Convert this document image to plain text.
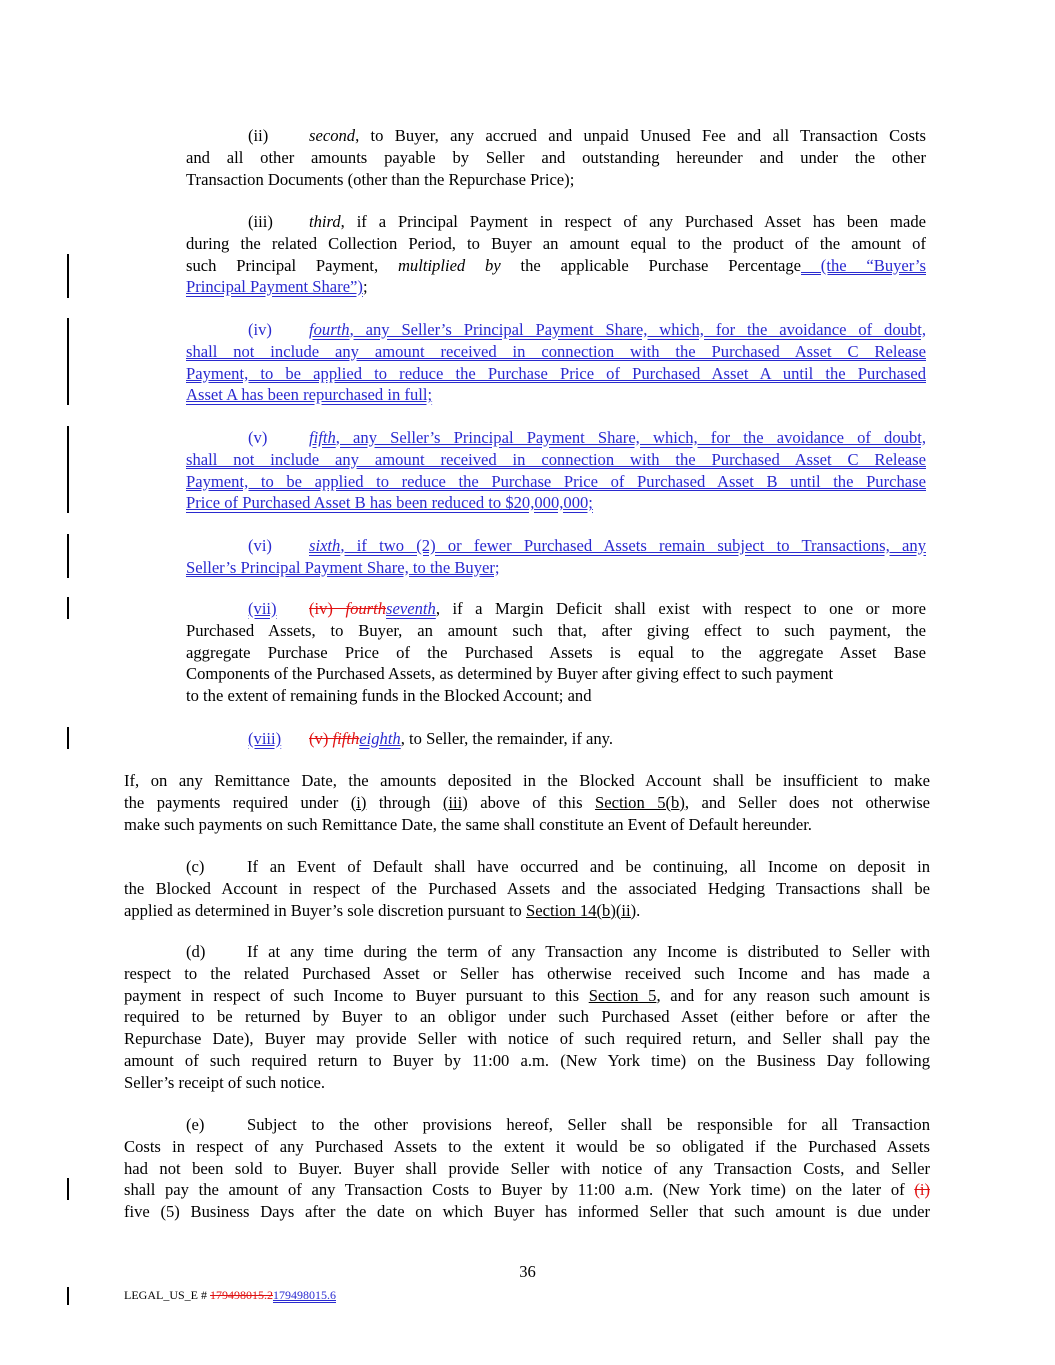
(ii) second, to Buyer, any accrued and unpaid Unused Fee and all Transaction Costs
and all other amounts payable by Seller and outstanding hereunder and under the other
Transaction Documents (other than the Repurchase Price);
(iii) third, if a Principal Payment in respect of any Purchased Asset has been made
during the related Collection Period, to Buyer an amount equal to the product of the amount of
such Principal Payment, multiplied by the applicable Purchase Percentage (the “Buyer’s
Principal Payment Share”);
(iv) fourth, any Seller’s Principal Payment Share, which, for the avoidance of doubt,
shall not include any amount received in connection with the Purchased Asset C Release
Payment, to be applied to reduce the Purchase Price of Purchased Asset A until the Purchased
Asset A has been repurchased in full;
(v)	fifth, any Seller’s Principal Payment Share, which, for the avoidance of doubt,
shall not include any amount received in connection with the Purchased Asset C Release
Payment, to be applied to reduce the Purchase Price of Purchased Asset B until the Purchase
Price of Purchased Asset B has been reduced to $20,000,000;
(vi) sixth, if two (2) or fewer Purchased Assets remain subject to Transactions, any
Seller’s Principal Payment Share, to the Buyer;
(vii) (iv) fourthseventh, if a Margin Deficit shall exist with respect to one or more
Purchased Assets, to Buyer, an amount such that, after giving effect to such payment, the
aggregate Purchase Price of the Purchased Assets is equal to the aggregate Asset Base
Components of the Purchased Assets, as determined by Buyer after giving effect to such payment
to the extent of remaining funds in the Blocked Account; and
(viii) (v) fiftheighth, to Seller, the remainder, if any.
If, on any Remittance Date, the amounts deposited in the Blocked Account shall be insufficient to make
the payments required under (i) through (iii) above of this Section 5(b), and Seller does not otherwise
make such payments on such Remittance Date, the same shall constitute an Event of Default hereunder.
(c)	If an Event of Default shall have occurred and be continuing, all Income on deposit in
the Blocked Account in respect of the Purchased Assets and the associated Hedging Transactions shall be
applied as determined in Buyer’s sole discretion pursuant to Section 14(b)(ii).
(d)	If at any time during the term of any Transaction any Income is distributed to Seller with
respect to the related Purchased Asset or Seller has otherwise received such Income and has made a
payment in respect of such Income to Buyer pursuant to this Section 5, and for any reason such amount is
required to be returned by Buyer to an obligor under such Purchased Asset (either before or after the
Repurchase Date), Buyer may provide Seller with notice of such required return, and Seller shall pay the
amount of such required return to Buyer by 11:00 a.m. (New York time) on the Business Day following
Seller’s receipt of such notice.
(e)	Subject to the other provisions hereof, Seller shall be responsible for all Transaction
Costs in respect of any Purchased Assets to the extent it would be so obligated if the Purchased Assets
had not been sold to Buyer. Buyer shall provide Seller with notice of any Transaction Costs, and Seller
shall pay the amount of any Transaction Costs to Buyer by 11:00 a.m. (New York time) on the later of (i)
five (5) Business Days after the date on which Buyer has informed Seller that such amount is due under
36
LEGAL_US_E # 179498015.2179498015.6
